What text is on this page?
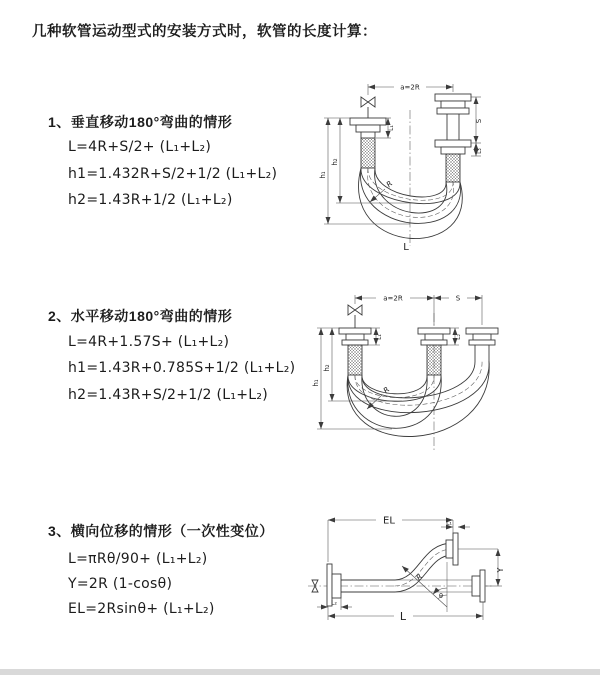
几种软管运动型式的安装方式时，软管的长度计算：
1、垂直移动180°弯曲的情形
L=4R+S/2+ (L₁+L₂)
h1=1.432R+S/2+1/2 (L₁+L₂)
h2=1.43R+1/2 (L₁+L₂)
a=2R
h₂
h₁
L₁
S
L₂
R
L
2、水平移动180°弯曲的情形
L=4R+1.57S+ (L₁+L₂)
h1=1.43R+0.785S+1/2 (L₁+L₂)
h2=1.43R+S/2+1/2 (L₁+L₂)
a=2R	S
h₂
h₁
L₁	L₂
R
3、横向位移的情形（一次性变位）
L=πRθ/90+ (L₁+L₂)
Y=2R (1-cosθ)
EL=2Rsinθ+ (L₁+L₂)
EL	L₁
Y
θ
R
L₂
L
